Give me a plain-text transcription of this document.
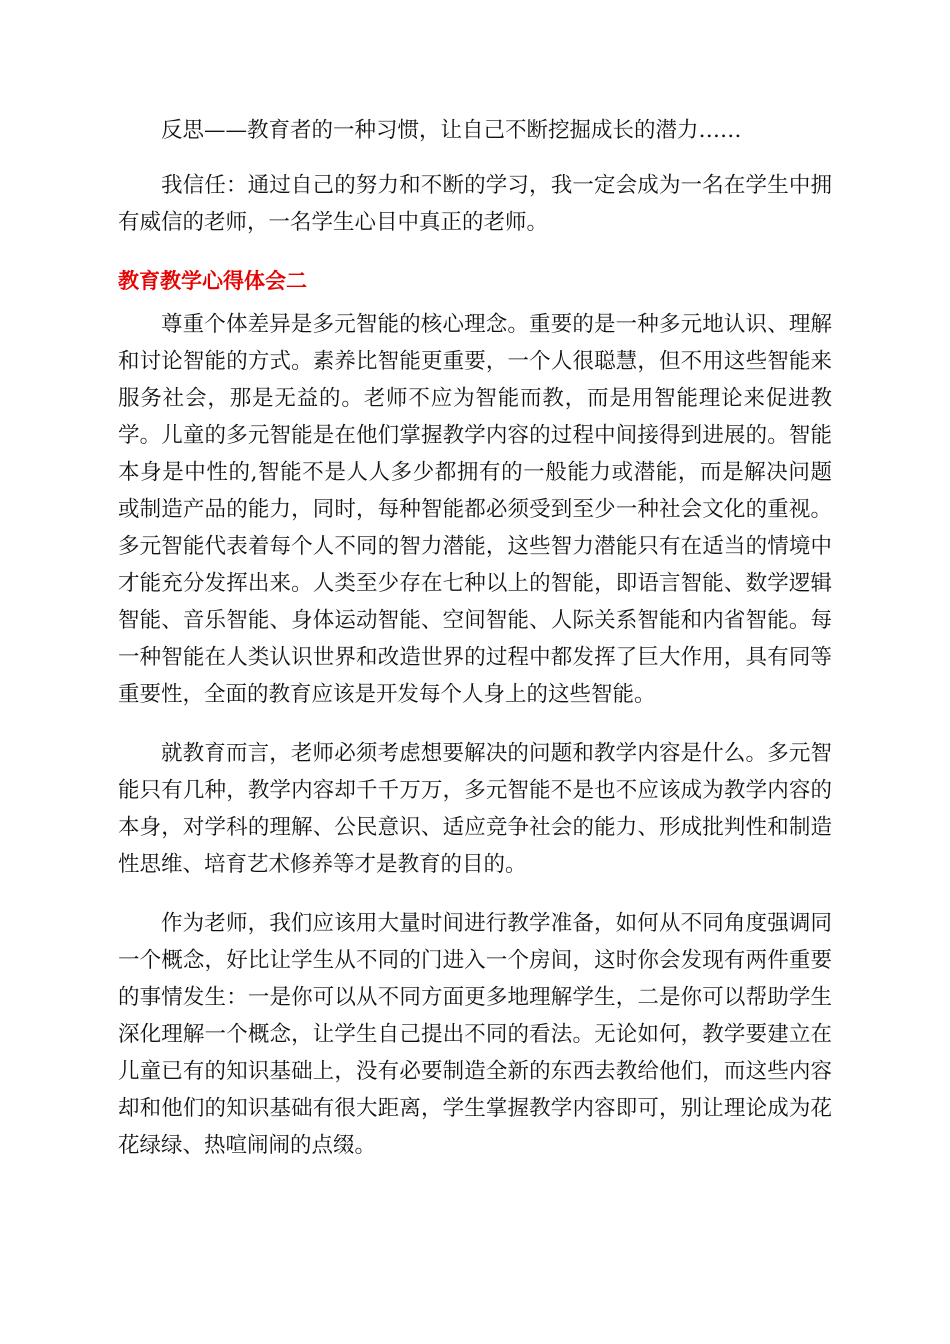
反思——教育者的一种习惯，让自己不断挖掘成长的潜力……

我信任：通过自己的努力和不断的学习，我一定会成为一名在学生中拥有威信的老师，一名学生心目中真正的老师。

教育教学心得体会二

尊重个体差异是多元智能的核心理念。重要的是一种多元地认识、理解和讨论智能的方式。素养比智能更重要，一个人很聪慧，但不用这些智能来服务社会，那是无益的。老师不应为智能而教，而是用智能理论来促进教学。儿童的多元智能是在他们掌握教学内容的过程中间接得到进展的。智能本身是中性的,智能不是人人多少都拥有的一般能力或潜能，而是解决问题或制造产品的能力，同时，每种智能都必须受到至少一种社会文化的重视。多元智能代表着每个人不同的智力潜能，这些智力潜能只有在适当的情境中才能充分发挥出来。人类至少存在七种以上的智能，即语言智能、数学逻辑智能、音乐智能、身体运动智能、空间智能、人际关系智能和内省智能。每一种智能在人类认识世界和改造世界的过程中都发挥了巨大作用，具有同等重要性，全面的教育应该是开发每个人身上的这些智能。

就教育而言，老师必须考虑想要解决的问题和教学内容是什么。多元智能只有几种，教学内容却千千万万，多元智能不是也不应该成为教学内容的本身，对学科的理解、公民意识、适应竞争社会的能力、形成批判性和制造性思维、培育艺术修养等才是教育的目的。

作为老师，我们应该用大量时间进行教学准备，如何从不同角度强调同一个概念，好比让学生从不同的门进入一个房间，这时你会发现有两件重要的事情发生：一是你可以从不同方面更多地理解学生，二是你可以帮助学生深化理解一个概念，让学生自己提出不同的看法。无论如何，教学要建立在儿童已有的知识基础上，没有必要制造全新的东西去教给他们，而这些内容却和他们的知识基础有很大距离，学生掌握教学内容即可，别让理论成为花花绿绿、热喧闹闹的点缀。
